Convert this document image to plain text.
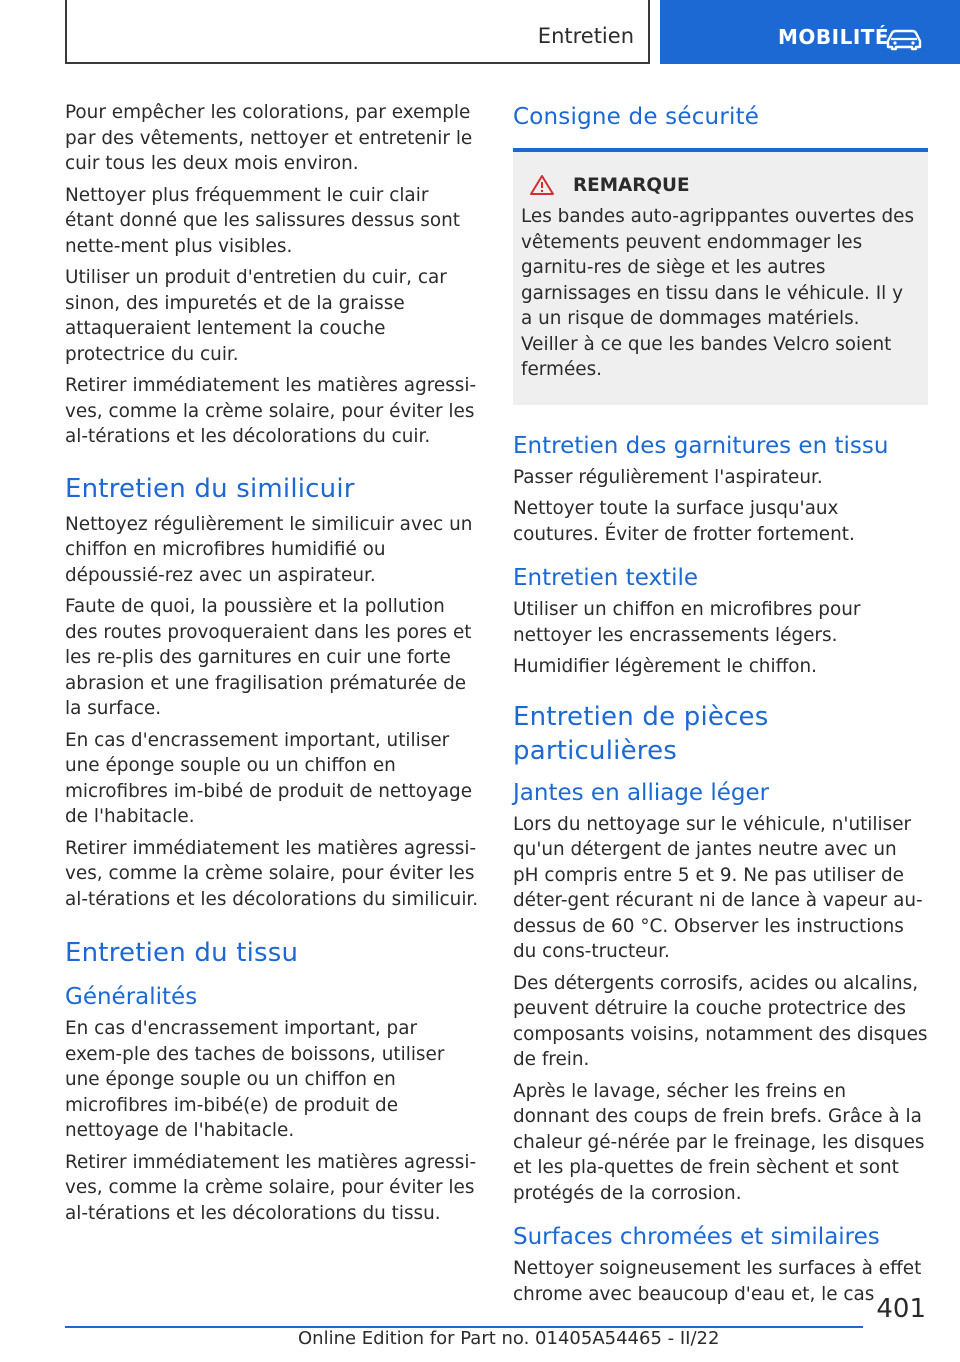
Entretien	MOBILITÉ

Pour empêcher les colorations, par exemple par des vêtements, nettoyer et entretenir le cuir tous les deux mois environ.

Nettoyer plus fréquemment le cuir clair étant donné que les salissures dessus sont nette-ment plus visibles.

Utiliser un produit d'entretien du cuir, car sinon, des impuretés et de la graisse attaqueraient lentement la couche protectrice du cuir.

Retirer immédiatement les matières agressi-ves, comme la crème solaire, pour éviter les al-térations et les décolorations du cuir.

Entretien du similicuir

Nettoyez régulièrement le similicuir avec un chiffon en microfibres humidifié ou dépoussié-rez avec un aspirateur.

Faute de quoi, la poussière et la pollution des routes provoqueraient dans les pores et les re-plis des garnitures en cuir une forte abrasion et une fragilisation prématurée de la surface.

En cas d'encrassement important, utiliser une éponge souple ou un chiffon en microfibres im-bibé de produit de nettoyage de l'habitacle.

Retirer immédiatement les matières agressi-ves, comme la crème solaire, pour éviter les al-térations et les décolorations du similicuir.

Entretien du tissu
Généralités

En cas d'encrassement important, par exem-ple des taches de boissons, utiliser une éponge souple ou un chiffon en microfibres im-bibé(e) de produit de nettoyage de l'habitacle.

Retirer immédiatement les matières agressi-ves, comme la crème solaire, pour éviter les al-térations et les décolorations du tissu.

Consigne de sécurité
REMARQUE

Les bandes auto-agrippantes ouvertes des vêtements peuvent endommager les garnitu-res de siège et les autres garnissages en tissu dans le véhicule. Il y a un risque de dommages matériels. Veiller à ce que les bandes Velcro soient fermées.

Entretien des garnitures en tissu

Passer régulièrement l'aspirateur.

Nettoyer toute la surface jusqu'aux coutures. Éviter de frotter fortement.

Entretien textile

Utiliser un chiffon en microfibres pour nettoyer les encrassements légers.

Humidifier légèrement le chiffon.

Entretien de pièces particulières
Jantes en alliage léger

Lors du nettoyage sur le véhicule, n'utiliser qu'un détergent de jantes neutre avec un pH compris entre 5 et 9. Ne pas utiliser de déter-gent récurant ni de lance à vapeur au-dessus de 60 °C. Observer les instructions du cons-tructeur.

Des détergents corrosifs, acides ou alcalins, peuvent détruire la couche protectrice des composants voisins, notamment des disques de frein.

Après le lavage, sécher les freins en donnant des coups de frein brefs. Grâce à la chaleur gé-nérée par le freinage, les disques et les pla-quettes de frein sèchent et sont protégés de la corrosion.

Surfaces chromées et similaires

Nettoyer soigneusement les surfaces à effet chrome avec beaucoup d'eau et, le cas 401
Online Edition for Part no. 01405A54465 - II/22
